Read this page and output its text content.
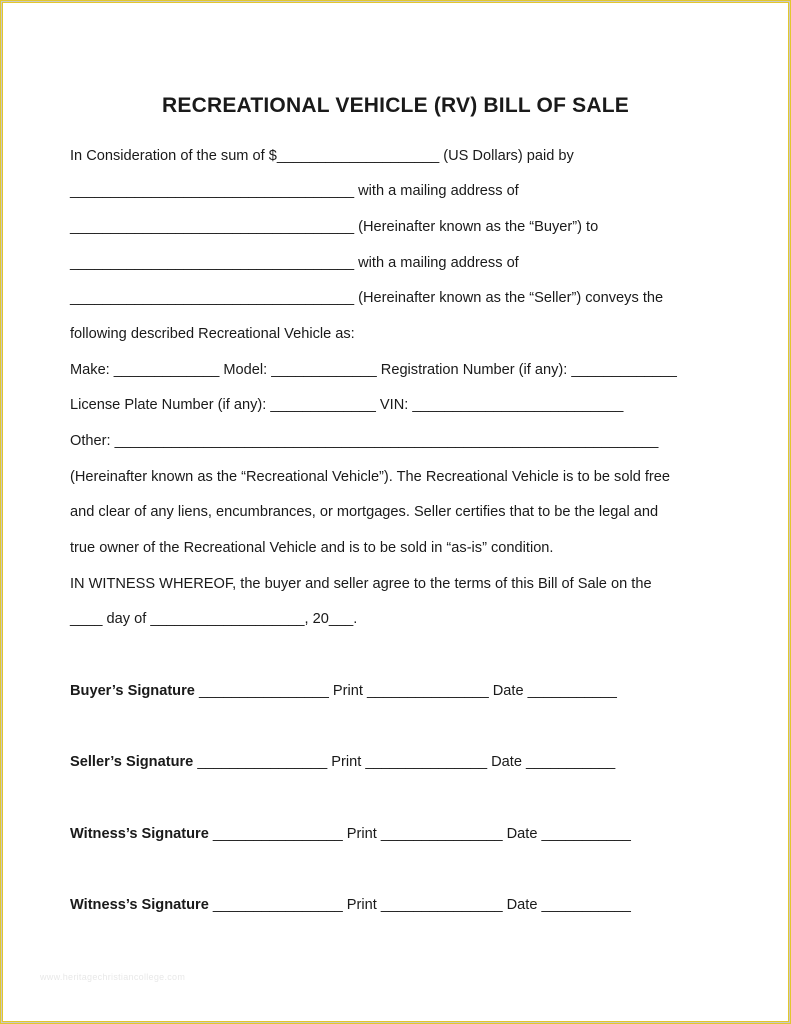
RECREATIONAL VEHICLE (RV) BILL OF SALE
In Consideration of the sum of $____________________ (US Dollars) paid by
___________________________________ with a mailing address of
___________________________________ (Hereinafter known as the “Buyer”) to
___________________________________ with a mailing address of
___________________________________ (Hereinafter known as the “Seller”) conveys the
following described Recreational Vehicle as:
Make: _____________ Model: _____________ Registration Number (if any): _____________
License Plate Number (if any): _____________ VIN: __________________________
Other: ___________________________________________________________________
(Hereinafter known as the “Recreational Vehicle”). The Recreational Vehicle is to be sold free
and clear of any liens, encumbrances, or mortgages. Seller certifies that to be the legal and
true owner of the Recreational Vehicle and is to be sold in “as-is” condition.
IN WITNESS WHEREOF, the buyer and seller agree to the terms of this Bill of Sale on the
____ day of ___________________, 20___.
Buyer’s Signature ________________ Print _______________ Date ___________
Seller’s Signature ________________ Print _______________ Date ___________
Witness’s Signature ________________ Print _______________ Date ___________
Witness’s Signature ________________ Print _______________ Date ___________
www.heritagechristiancollege.com
